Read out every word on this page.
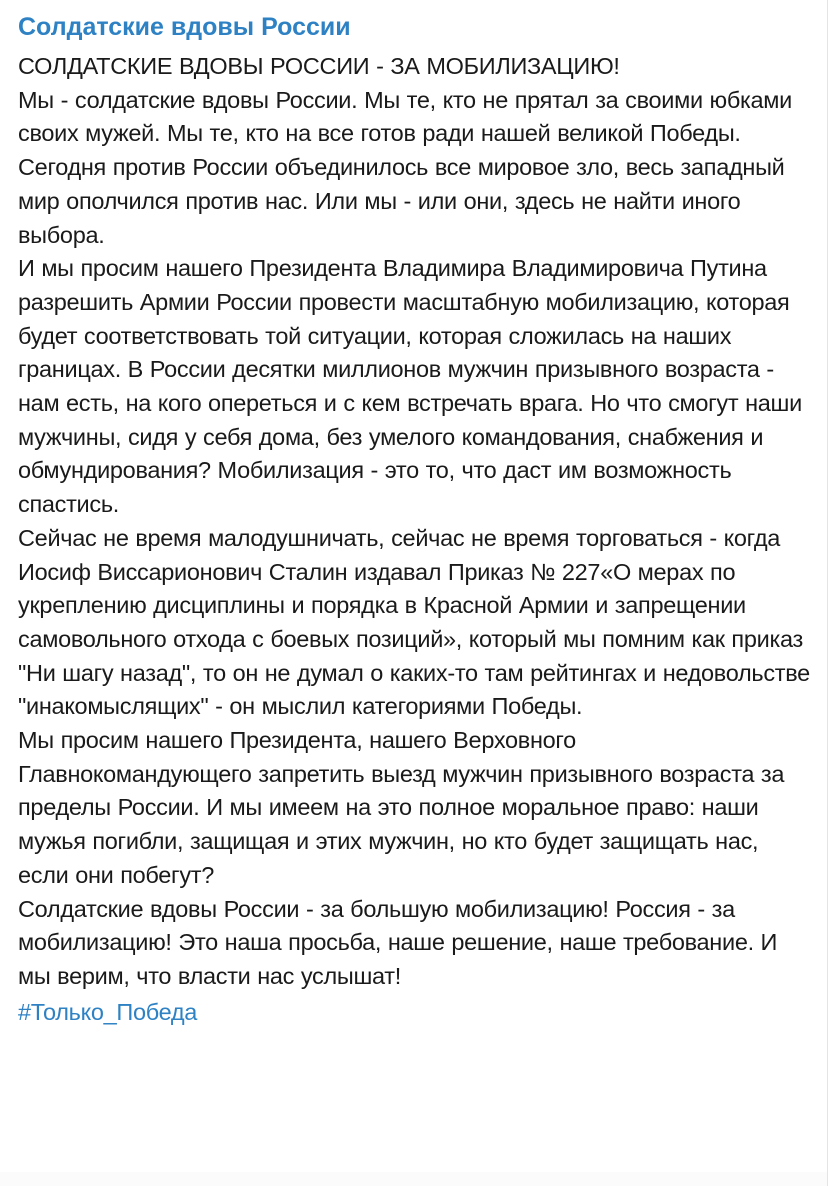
Солдатские вдовы России
СОЛДАТСКИЕ ВДОВЫ РОССИИ - ЗА МОБИЛИЗАЦИЮ!
Мы - солдатские вдовы России. Мы те, кто не прятал за своими юбками своих мужей. Мы те, кто на все готов ради нашей великой Победы.
Сегодня против России объединилось все мировое зло, весь западный мир ополчился против нас. Или мы - или они, здесь не найти иного выбора.
И мы просим нашего Президента Владимира Владимировича Путина разрешить Армии России провести масштабную мобилизацию, которая будет соответствовать той ситуации, которая сложилась на наших границах. В России десятки миллионов мужчин призывного возраста - нам есть, на кого опереться и с кем встречать врага. Но что смогут наши мужчины, сидя у себя дома, без умелого командования, снабжения и обмундирования? Мобилизация - это то, что даст им возможность спастись.
Сейчас не время малодушничать, сейчас не время торговаться - когда Иосиф Виссарионович Сталин издавал Приказ № 227«О мерах по укреплению дисциплины и порядка в Красной Армии и запрещении самовольного отхода с боевых позиций», который мы помним как приказ "Ни шагу назад", то он не думал о каких-то там рейтингах и недовольстве "инакомыслящих" - он мыслил категориями Победы.
Мы просим нашего Президента, нашего Верховного Главнокомандующего запретить выезд мужчин призывного возраста за пределы России. И мы имеем на это полное моральное право: наши мужья погибли, защищая и этих мужчин, но кто будет защищать нас, если они побегут?
Солдатские вдовы России - за большую мобилизацию! Россия - за мобилизацию! Это наша просьба, наше решение, наше требование. И мы верим, что власти нас услышат!
#Только_Победа
